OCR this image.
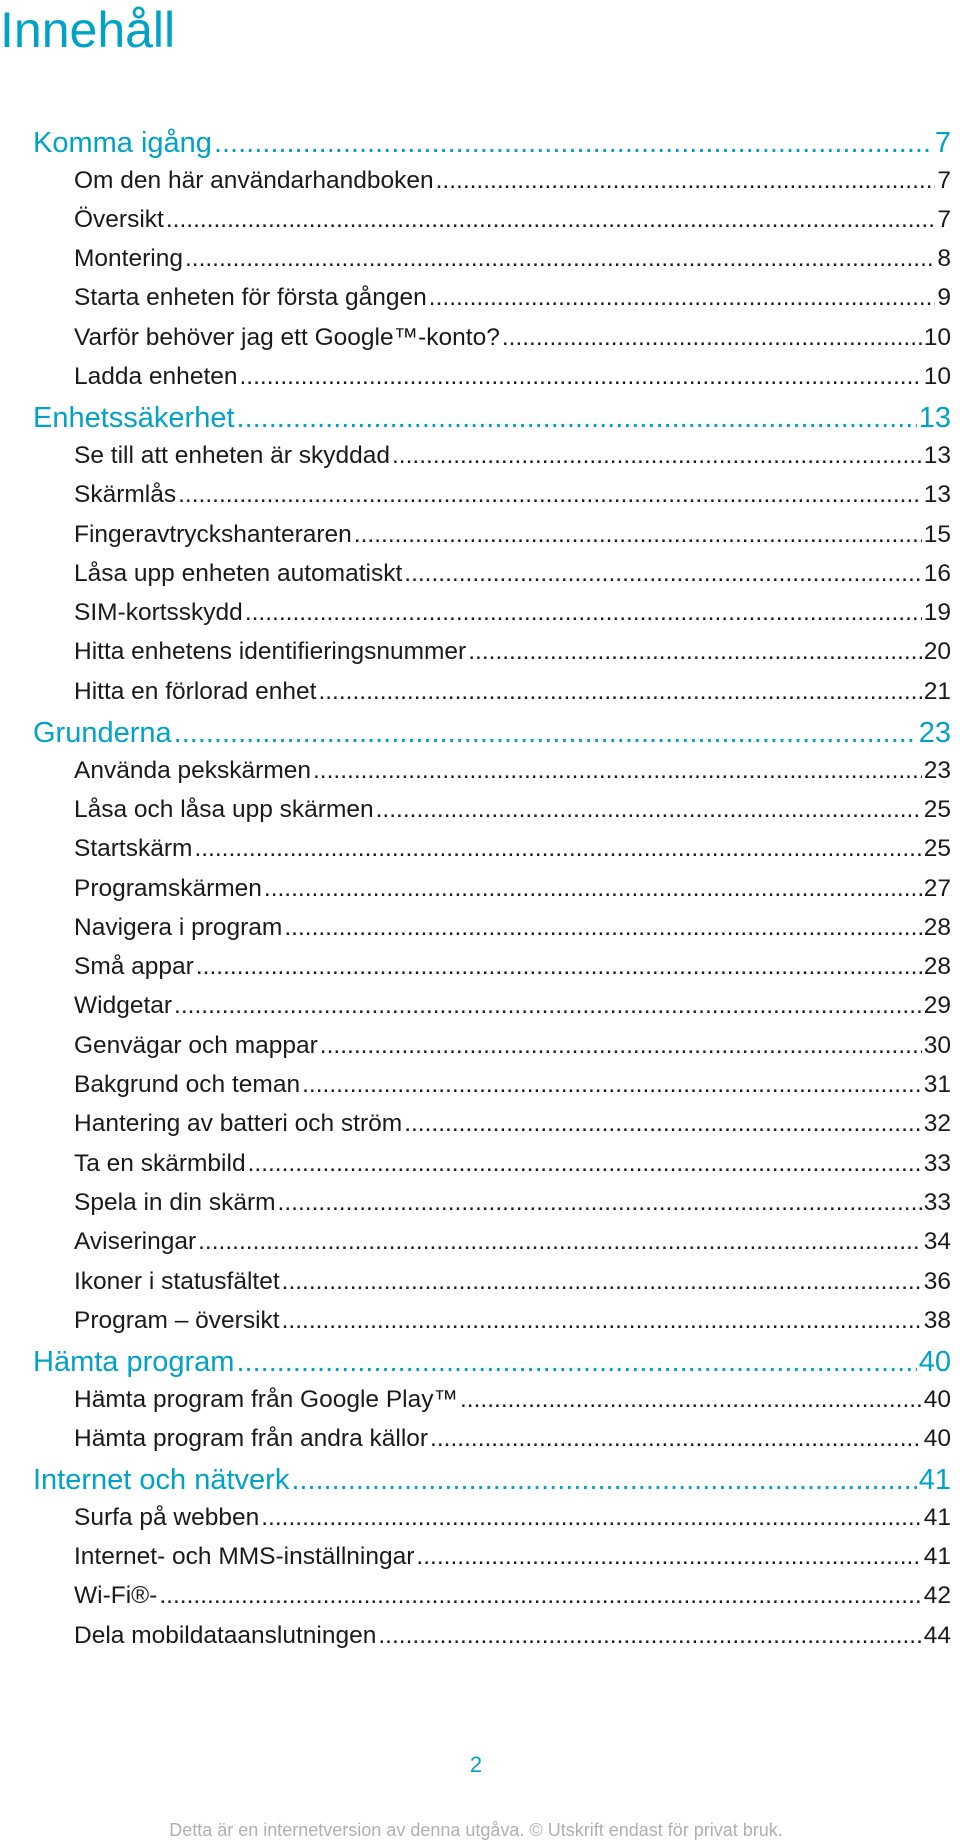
Innehåll
Komma igång .....	7
Om den här användarhandboken .....	7
Översikt .....	7
Montering .....	8
Starta enheten för första gången .....	9
Varför behöver jag ett Google™-konto? .....	10
Ladda enheten .....	10
Enhetssäkerhet .....	13
Se till att enheten är skyddad .....	13
Skärmlås .....	13
Fingeravtryckshanteraren .....	15
Låsa upp enheten automatiskt .....	16
SIM-kortsskydd .....	19
Hitta enhetens identifieringsnummer .....	20
Hitta en förlorad enhet .....	21
Grunderna .....	23
Använda pekskärmen .....	23
Låsa och låsa upp skärmen .....	25
Startskärm .....	25
Programskärmen .....	27
Navigera i program .....	28
Små appar .....	28
Widgetar .....	29
Genvägar och mappar .....	30
Bakgrund och teman .....	31
Hantering av batteri och ström .....	32
Ta en skärmbild .....	33
Spela in din skärm .....	33
Aviseringar .....	34
Ikoner i statusfältet .....	36
Program – översikt .....	38
Hämta program .....	40
Hämta program från Google Play™ .....	40
Hämta program från andra källor .....	40
Internet och nätverk .....	41
Surfa på webben .....	41
Internet- och MMS-inställningar .....	41
Wi-Fi®- .....	42
Dela mobildataanslutningen .....	44
2
Detta är en internetversion av denna utgåva. © Utskrift endast för privat bruk.
